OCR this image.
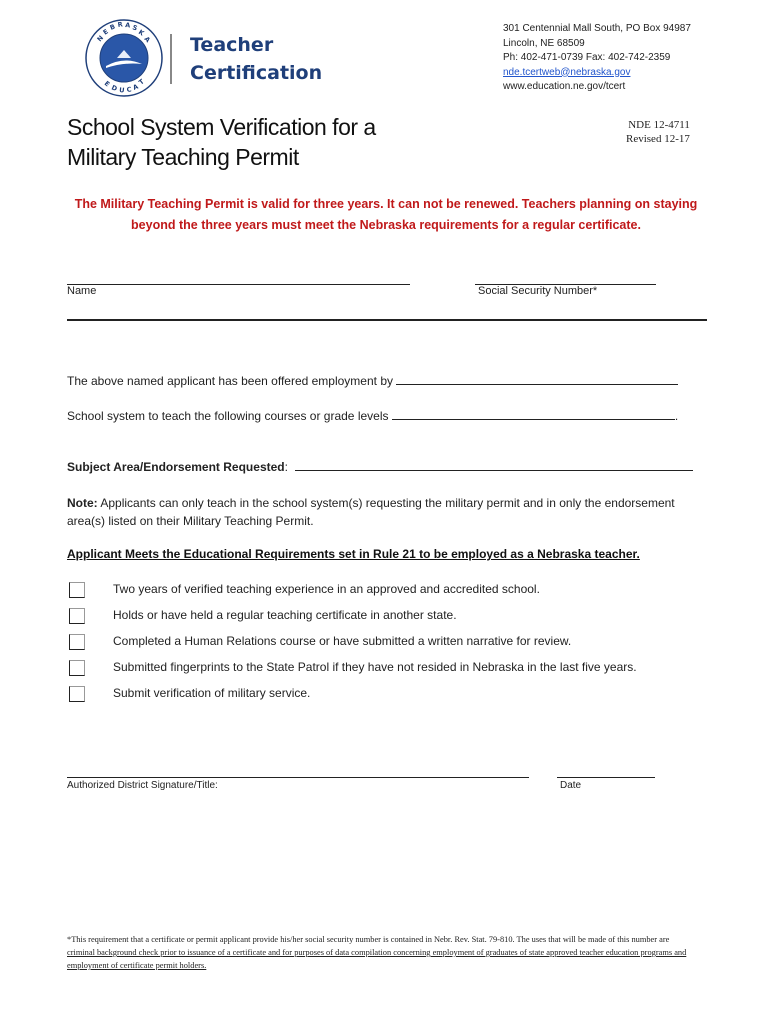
N
E
B R A S
K
A
E
D U C A
T
Teacher
Certification
301 Centennial Mall South, PO Box 94987
Lincoln, NE 68509
Ph: 402-471-0739 Fax: 402-742-2359
nde.tcertweb@nebraska.gov
www.education.ne.gov/tcert
School System Verification for a
Military Teaching Permit
NDE 12-4711
Revised 12-17
The Military Teaching Permit is valid for three years. It can not be renewed. Teachers planning on staying beyond the three years must meet the Nebraska requirements for a regular certificate.
Name	Social Security Number*
The above named applicant has been offered employment by
School system to teach the following courses or grade levels	.
Subject Area/Endorsement Requested:
Note: Applicants can only teach in the school system(s) requesting the military permit and in only the endorsement area(s) listed on their Military Teaching Permit.
Applicant Meets the Educational Requirements set in Rule 21 to be employed as a Nebraska teacher.
Two years of verified teaching experience in an approved and accredited school.
Holds or have held a regular teaching certificate in another state.
Completed a Human Relations course or have submitted a written narrative for review.
Submitted fingerprints to the State Patrol if they have not resided in Nebraska in the last five years.
Submit verification of military service.
Authorized District Signature/Title:	Date
*This requirement that a certificate or permit applicant provide his/her social security number is contained in Nebr. Rev. Stat. 79-810. The uses that will be made of this number are criminal background check prior to issuance of a certificate and for purposes of data compilation concerning employment of graduates of state approved teacher education programs and employment of certificate permit holders.
